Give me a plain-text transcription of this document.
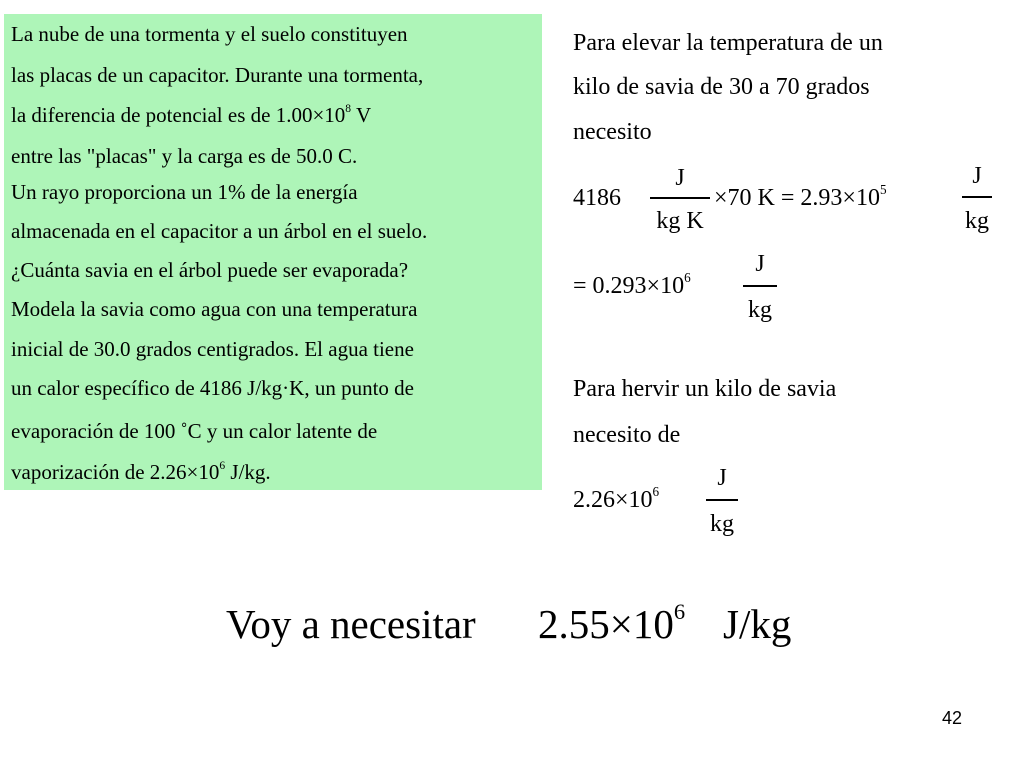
La nube de una tormenta y el suelo constituyen
las placas de un capacitor. Durante una tormenta,
la diferencia de potencial es de $1.00\times 10^8$ V
entre las "placas" y la carga es de 50.0 C.
Un rayo proporciona un 1% de la energía
almacenada en el capacitor a un árbol en el suelo.
¿Cuánta savia en el árbol puede ser evaporada?
Modela la savia como agua con una temperatura
inicial de 30.0 grados centigrados. El agua tiene
un calor específico de 4186 J/kg·K, un punto de
evaporación de 100 ˚C y un calor latente de
vaporización de $2.26\times 10^6$ J/kg.
Para elevar la temperatura de un
kilo de savia de 30 a 70 grados
necesito
4186
J
kg K
×70 $K = 2.93\times 10^5$
J
kg
= $0.293\times 10^6$
J
kg
Para hervir un kilo de savia
necesito de
$2.26\times 10^6$
J
kg
Voy a necesitar $2.55\times 10^6$ J/kg
42
